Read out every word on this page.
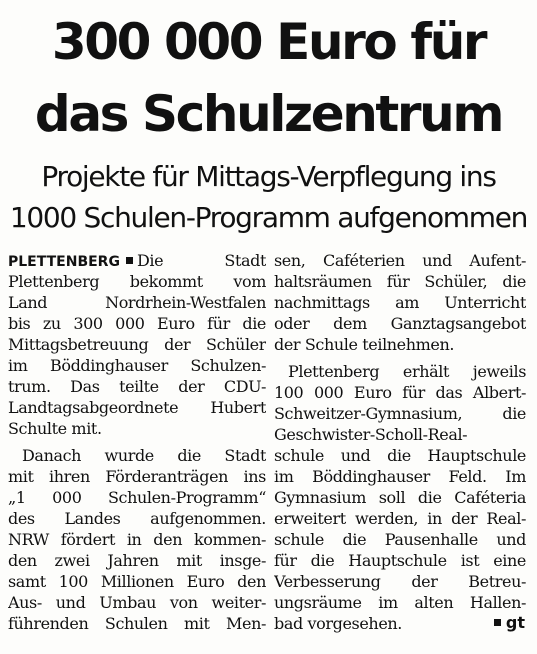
300 000 Euro für
das Schulzentrum
Projekte für Mittags-Verpflegung ins
1000 Schulen-Programm aufgenommen
PLETTENBERG Die Stadt
Plettenberg bekommt vom
Land Nordrhein-Westfalen
bis zu 300 000 Euro für die
Mittagsbetreuung der Schüler
im Böddinghauser Schulzen-
trum. Das teilte der CDU-
Landtagsabgeordnete Hubert
Schulte mit.
Danach wurde die Stadt
mit ihren Förderanträgen ins
„1 000 Schulen-Programm“
des Landes aufgenommen.
NRW fördert in den kommen-
den zwei Jahren mit insge-
samt 100 Millionen Euro den
Aus- und Umbau von weiter-
führenden Schulen mit Men-
sen, Caféterien und Aufent-
haltsräumen für Schüler, die
nachmittags am Unterricht
oder dem Ganztagsangebot
der Schule teilnehmen.
Plettenberg erhält jeweils
100 000 Euro für das Albert-
Schweitzer-Gymnasium, die
Geschwister-Scholl-Real-
schule und die Hauptschule
im Böddinghauser Feld. Im
Gymnasium soll die Caféteria
erweitert werden, in der Real-
schule die Pausenhalle und
für die Hauptschule ist eine
Verbesserung der Betreu-
ungsräume im alten Hallen-
bad vorgesehen.	gt
